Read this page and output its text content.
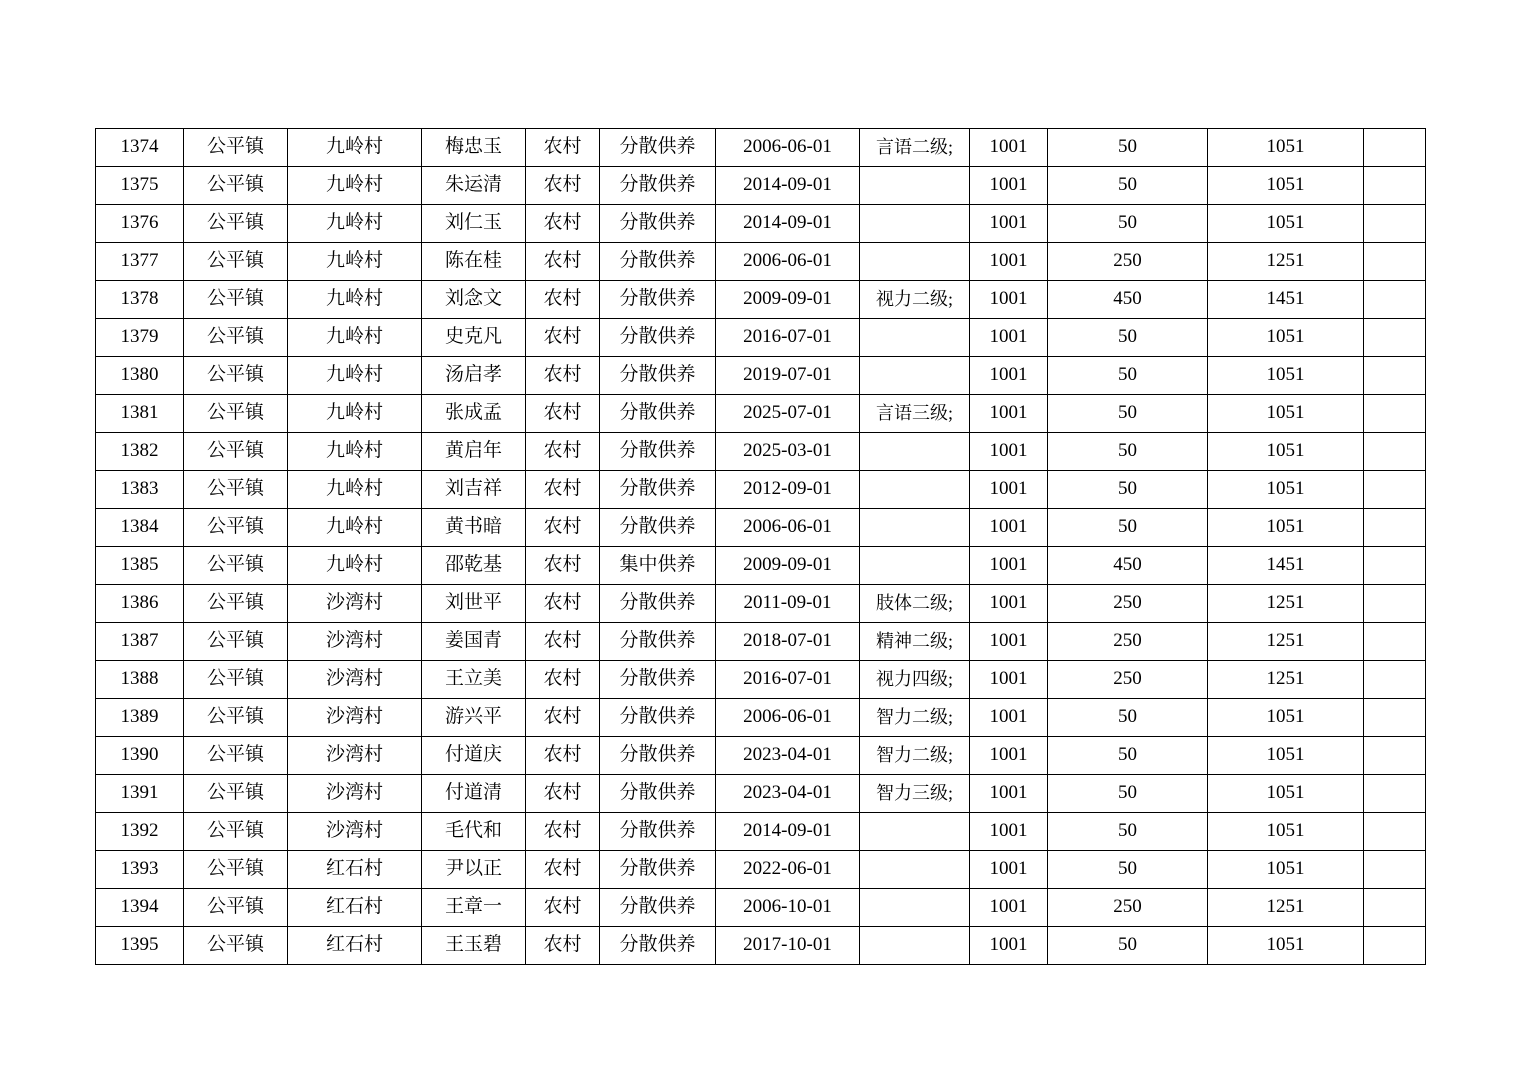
1374	公平镇	九岭村	梅忠玉	农村	分散供养	2006-06-01	言语二级;	1001	50	1051	
1375	公平镇	九岭村	朱运清	农村	分散供养	2014-09-01		1001	50	1051	
1376	公平镇	九岭村	刘仁玉	农村	分散供养	2014-09-01		1001	50	1051	
1377	公平镇	九岭村	陈在桂	农村	分散供养	2006-06-01		1001	250	1251	
1378	公平镇	九岭村	刘念文	农村	分散供养	2009-09-01	视力二级;	1001	450	1451	
1379	公平镇	九岭村	史克凡	农村	分散供养	2016-07-01		1001	50	1051	
1380	公平镇	九岭村	汤启孝	农村	分散供养	2019-07-01		1001	50	1051	
1381	公平镇	九岭村	张成孟	农村	分散供养	2025-07-01	言语三级;	1001	50	1051	
1382	公平镇	九岭村	黄启年	农村	分散供养	2025-03-01		1001	50	1051	
1383	公平镇	九岭村	刘吉祥	农村	分散供养	2012-09-01		1001	50	1051	
1384	公平镇	九岭村	黄书暗	农村	分散供养	2006-06-01		1001	50	1051	
1385	公平镇	九岭村	邵乾基	农村	集中供养	2009-09-01		1001	450	1451	
1386	公平镇	沙湾村	刘世平	农村	分散供养	2011-09-01	肢体二级;	1001	250	1251	
1387	公平镇	沙湾村	姜国青	农村	分散供养	2018-07-01	精神二级;	1001	250	1251	
1388	公平镇	沙湾村	王立美	农村	分散供养	2016-07-01	视力四级;	1001	250	1251	
1389	公平镇	沙湾村	游兴平	农村	分散供养	2006-06-01	智力二级;	1001	50	1051	
1390	公平镇	沙湾村	付道庆	农村	分散供养	2023-04-01	智力二级;	1001	50	1051	
1391	公平镇	沙湾村	付道清	农村	分散供养	2023-04-01	智力三级;	1001	50	1051	
1392	公平镇	沙湾村	毛代和	农村	分散供养	2014-09-01		1001	50	1051	
1393	公平镇	红石村	尹以正	农村	分散供养	2022-06-01		1001	50	1051	
1394	公平镇	红石村	王章一	农村	分散供养	2006-10-01		1001	250	1251	
1395	公平镇	红石村	王玉碧	农村	分散供养	2017-10-01		1001	50	1051	
